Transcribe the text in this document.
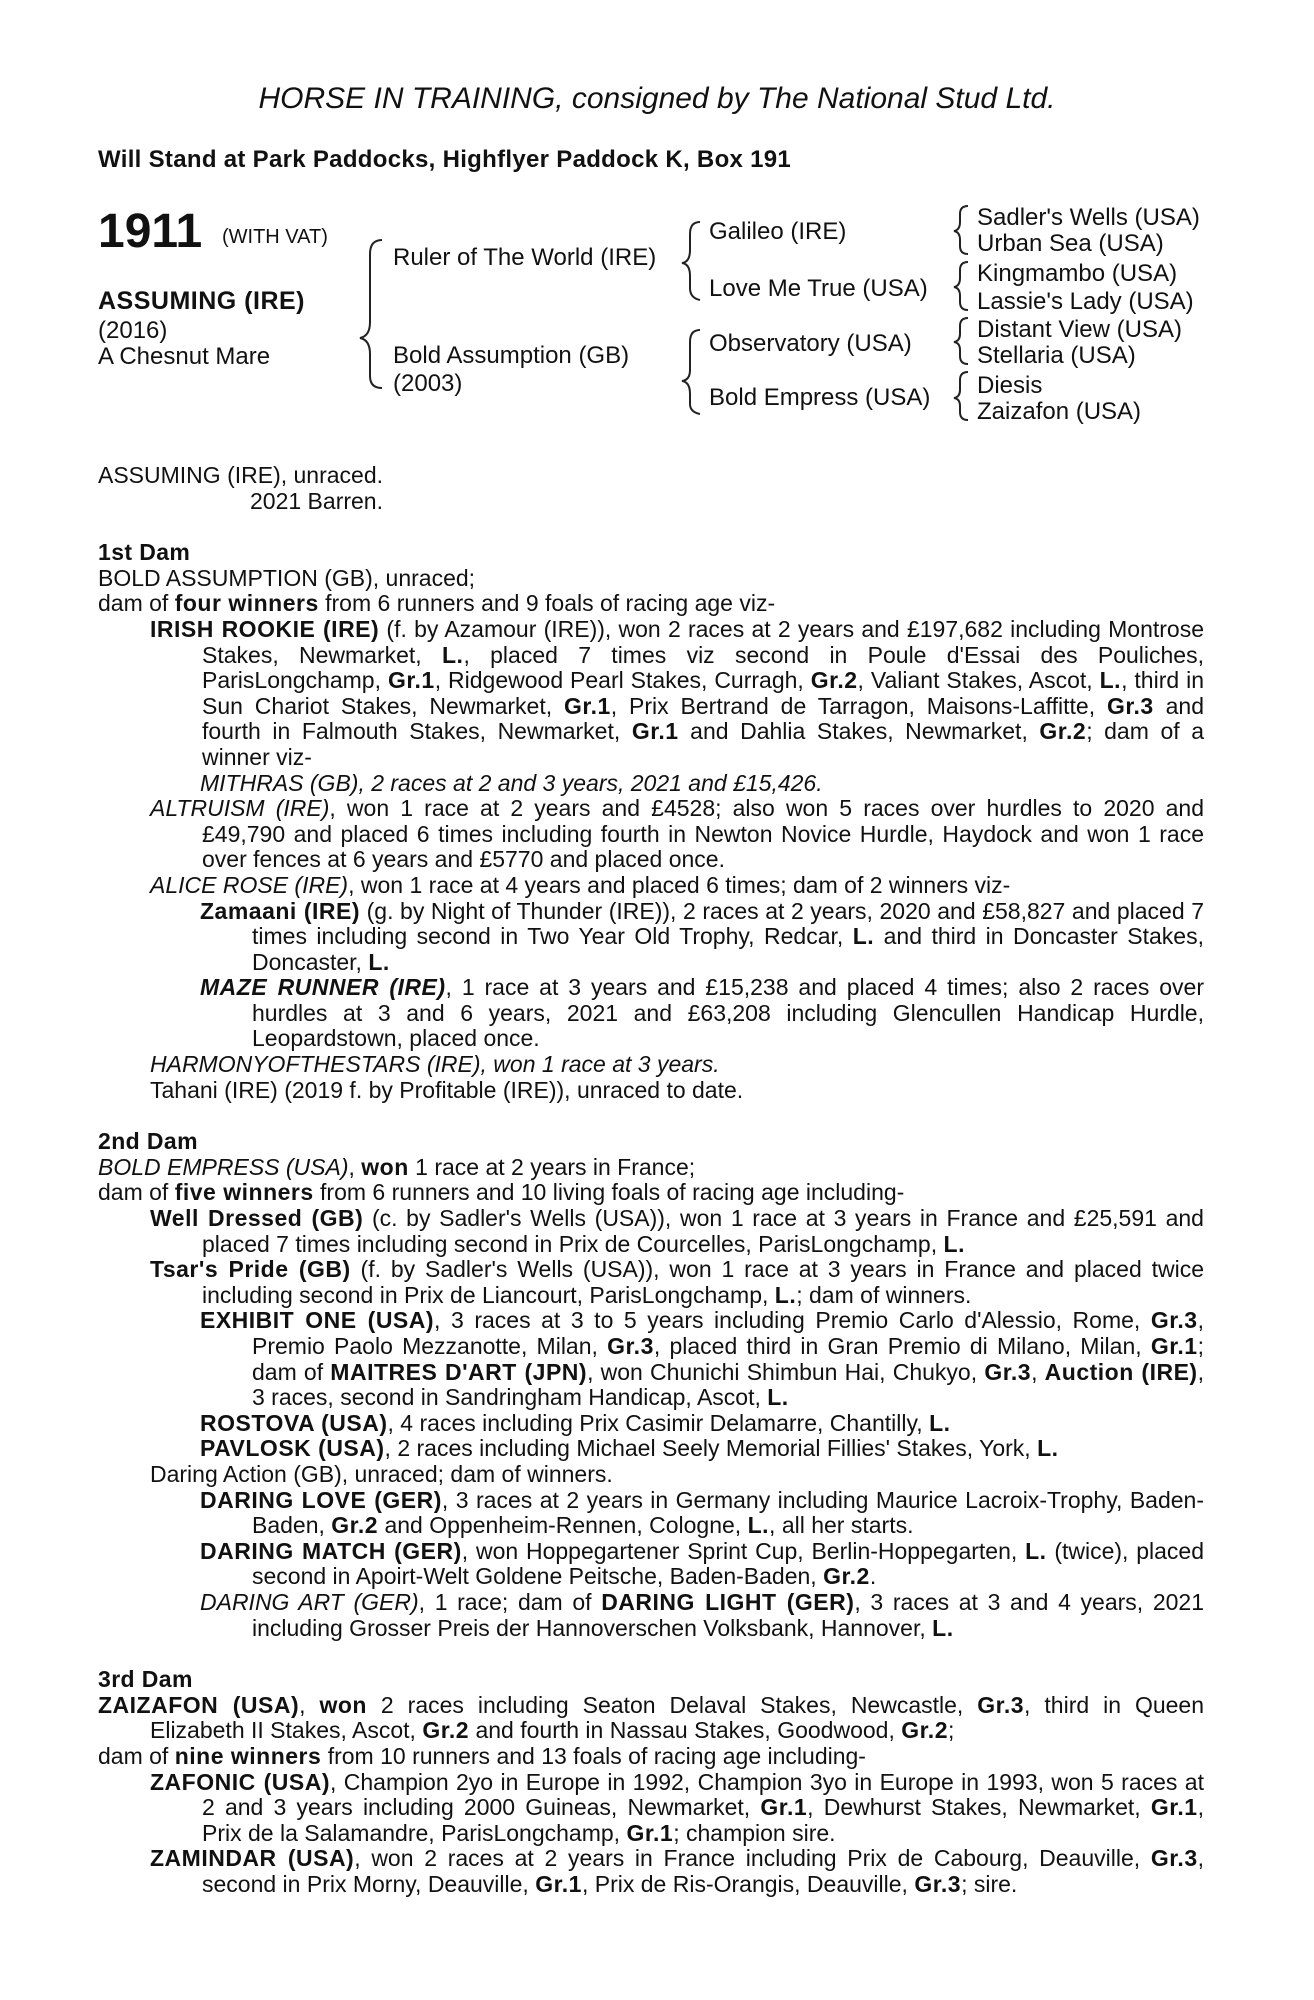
HORSE IN TRAINING, consigned by The National Stud Ltd.
Will Stand at Park Paddocks, Highflyer Paddock K, Box 191
1911 (WITH VAT)
ASSUMING (IRE)
(2016)
A Chesnut Mare
Ruler of The World (IRE)
Bold Assumption (GB)
(2003)
Galileo (IRE)
Love Me True (USA)
Observatory (USA)
Bold Empress (USA)
Sadler's Wells (USA)
Urban Sea (USA)
Kingmambo (USA)
Lassie's Lady (USA)
Distant View (USA)
Stellaria (USA)
Diesis
Zaizafon (USA)

ASSUMING (IRE), unraced.

2021 Barren.

1st Dam

BOLD ASSUMPTION (GB), unraced;

dam of four winners from 6 runners and 9 foals of racing age viz-

IRISH ROOKIE (IRE) (f. by Azamour (IRE)), won 2 races at 2 years and £197,682 including Montrose Stakes, Newmarket, L., placed 7 times viz second in Poule d'Essai des Pouliches, ParisLongchamp, Gr.1, Ridgewood Pearl Stakes, Curragh, Gr.2, Valiant Stakes, Ascot, L., third in Sun Chariot Stakes, Newmarket, Gr.1, Prix Bertrand de Tarragon, Maisons-Laffitte, Gr.3 and fourth in Falmouth Stakes, Newmarket, Gr.1 and Dahlia Stakes, Newmarket, Gr.2; dam of a winner viz-

MITHRAS (GB), 2 races at 2 and 3 years, 2021 and £15,426.

ALTRUISM (IRE), won 1 race at 2 years and £4528; also won 5 races over hurdles to 2020 and £49,790 and placed 6 times including fourth in Newton Novice Hurdle, Haydock and won 1 race over fences at 6 years and £5770 and placed once.

ALICE ROSE (IRE), won 1 race at 4 years and placed 6 times; dam of 2 winners viz-

Zamaani (IRE) (g. by Night of Thunder (IRE)), 2 races at 2 years, 2020 and £58,827 and placed 7 times including second in Two Year Old Trophy, Redcar, L. and third in Doncaster Stakes, Doncaster, L.

MAZE RUNNER (IRE), 1 race at 3 years and £15,238 and placed 4 times; also 2 races over hurdles at 3 and 6 years, 2021 and £63,208 including Glencullen Handicap Hurdle, Leopardstown, placed once.

HARMONYOFTHESTARS (IRE), won 1 race at 3 years.

Tahani (IRE) (2019 f. by Profitable (IRE)), unraced to date.

2nd Dam

BOLD EMPRESS (USA), won 1 race at 2 years in France;

dam of five winners from 6 runners and 10 living foals of racing age including-

Well Dressed (GB) (c. by Sadler's Wells (USA)), won 1 race at 3 years in France and £25,591 and placed 7 times including second in Prix de Courcelles, ParisLongchamp, L.

Tsar's Pride (GB) (f. by Sadler's Wells (USA)), won 1 race at 3 years in France and placed twice including second in Prix de Liancourt, ParisLongchamp, L.; dam of winners.

EXHIBIT ONE (USA), 3 races at 3 to 5 years including Premio Carlo d'Alessio, Rome, Gr.3, Premio Paolo Mezzanotte, Milan, Gr.3, placed third in Gran Premio di Milano, Milan, Gr.1; dam of MAITRES D'ART (JPN), won Chunichi Shimbun Hai, Chukyo, Gr.3, Auction (IRE), 3 races, second in Sandringham Handicap, Ascot, L.

ROSTOVA (USA), 4 races including Prix Casimir Delamarre, Chantilly, L.

PAVLOSK (USA), 2 races including Michael Seely Memorial Fillies' Stakes, York, L.

Daring Action (GB), unraced; dam of winners.

DARING LOVE (GER), 3 races at 2 years in Germany including Maurice Lacroix-Trophy, Baden-Baden, Gr.2 and Oppenheim-Rennen, Cologne, L., all her starts.

DARING MATCH (GER), won Hoppegartener Sprint Cup, Berlin-Hoppegarten, L. (twice), placed second in Apoirt-Welt Goldene Peitsche, Baden-Baden, Gr.2.

DARING ART (GER), 1 race; dam of DARING LIGHT (GER), 3 races at 3 and 4 years, 2021 including Grosser Preis der Hannoverschen Volksbank, Hannover, L.

3rd Dam

ZAIZAFON (USA), won 2 races including Seaton Delaval Stakes, Newcastle, Gr.3, third in Queen Elizabeth II Stakes, Ascot, Gr.2 and fourth in Nassau Stakes, Goodwood, Gr.2;

dam of nine winners from 10 runners and 13 foals of racing age including-

ZAFONIC (USA), Champion 2yo in Europe in 1992, Champion 3yo in Europe in 1993, won 5 races at 2 and 3 years including 2000 Guineas, Newmarket, Gr.1, Dewhurst Stakes, Newmarket, Gr.1, Prix de la Salamandre, ParisLongchamp, Gr.1; champion sire.

ZAMINDAR (USA), won 2 races at 2 years in France including Prix de Cabourg, Deauville, Gr.3, second in Prix Morny, Deauville, Gr.1, Prix de Ris-Orangis, Deauville, Gr.3; sire.
